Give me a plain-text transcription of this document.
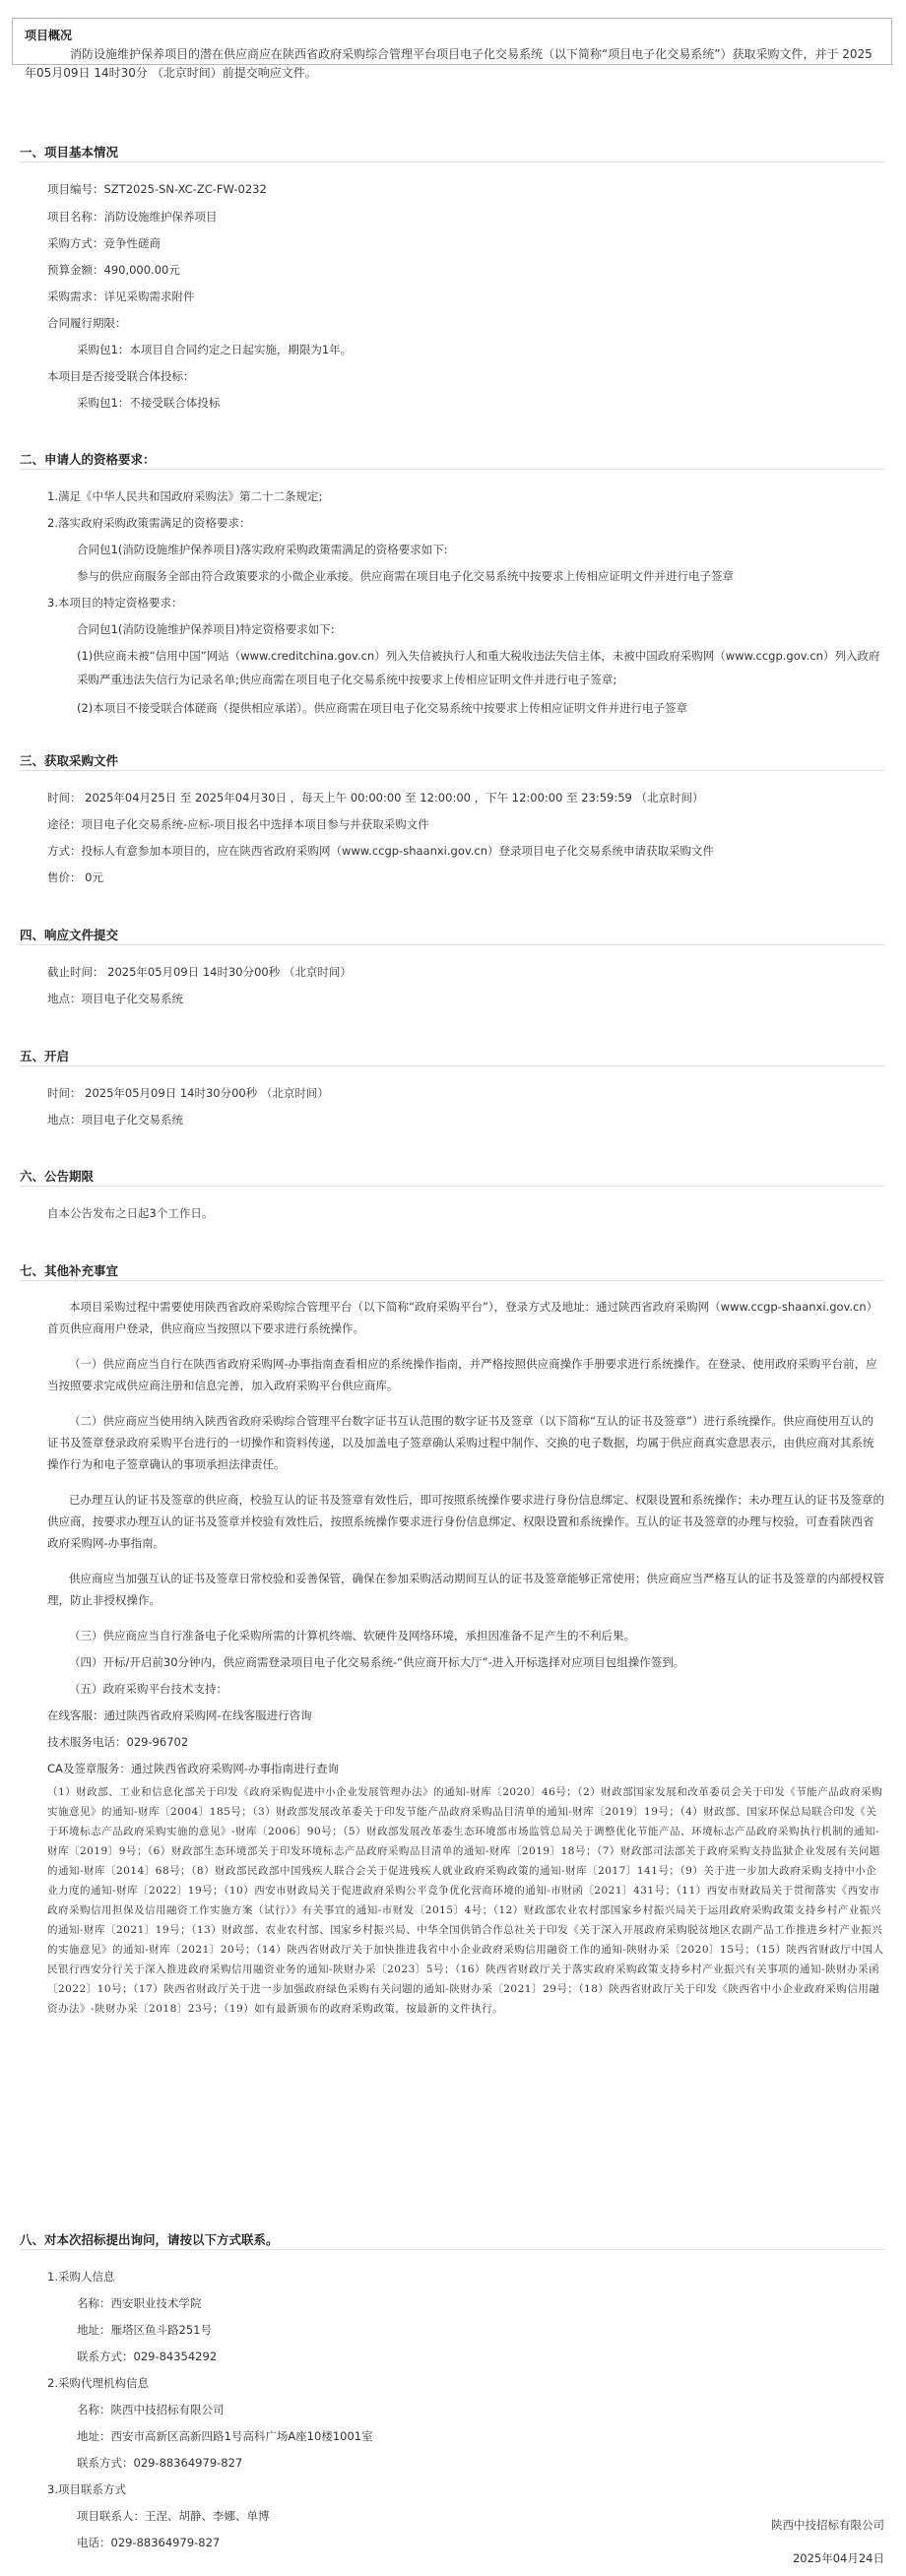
项目概况
消防设施维护保养项目的潜在供应商应在陕西省政府采购综合管理平台项目电子化交易系统（以下简称“项目电子化交易系统”）获取采购文件，并于 2025年05月09日 14时30分 （北京时间）前提交响应文件。
一、项目基本情况
项目编号：SZT2025-SN-XC-ZC-FW-0232
项目名称：消防设施维护保养项目
采购方式：竞争性磋商
预算金额：490,000.00元
采购需求：详见采购需求附件
合同履行期限：
采购包1：本项目自合同约定之日起实施，期限为1年。
本项目是否接受联合体投标：
采购包1：不接受联合体投标
二、申请人的资格要求：
1.满足《中华人民共和国政府采购法》第二十二条规定;
2.落实政府采购政策需满足的资格要求：
合同包1(消防设施维护保养项目)落实政府采购政策需满足的资格要求如下:
参与的供应商服务全部由符合政策要求的小微企业承接。供应商需在项目电子化交易系统中按要求上传相应证明文件并进行电子签章
3.本项目的特定资格要求：
合同包1(消防设施维护保养项目)特定资格要求如下:
(1)供应商未被“信用中国”网站（www.creditchina.gov.cn）列入失信被执行人和重大税收违法失信主体，未被中国政府采购网（www.ccgp.gov.cn）列入政府采购严重违法失信行为记录名单;供应商需在项目电子化交易系统中按要求上传相应证明文件并进行电子签章;
(2)本项目不接受联合体磋商（提供相应承诺）。供应商需在项目电子化交易系统中按要求上传相应证明文件并进行电子签章
三、获取采购文件
时间： 2025年04月25日 至 2025年04月30日 ，每天上午 00:00:00 至 12:00:00 ，下午 12:00:00 至 23:59:59 （北京时间）
途径：项目电子化交易系统-应标-项目报名中选择本项目参与并获取采购文件
方式：投标人有意参加本项目的，应在陕西省政府采购网（www.ccgp-shaanxi.gov.cn）登录项目电子化交易系统申请获取采购文件
售价： 0元
四、响应文件提交
截止时间： 2025年05月09日 14时30分00秒 （北京时间）
地点：项目电子化交易系统
五、开启
时间： 2025年05月09日 14时30分00秒 （北京时间）
地点：项目电子化交易系统
六、公告期限
自本公告发布之日起3个工作日。
七、其他补充事宜
本项目采购过程中需要使用陕西省政府采购综合管理平台（以下简称“政府采购平台”），登录方式及地址：通过陕西省政府采购网（www.ccgp-shaanxi.gov.cn）首页供应商用户登录，供应商应当按照以下要求进行系统操作。
（一）供应商应当自行在陕西省政府采购网-办事指南查看相应的系统操作指南，并严格按照供应商操作手册要求进行系统操作。在登录、使用政府采购平台前，应当按照要求完成供应商注册和信息完善，加入政府采购平台供应商库。
（二）供应商应当使用纳入陕西省政府采购综合管理平台数字证书互认范围的数字证书及签章（以下简称“互认的证书及签章”）进行系统操作。供应商使用互认的证书及签章登录政府采购平台进行的一切操作和资料传递，以及加盖电子签章确认采购过程中制作、交换的电子数据，均属于供应商真实意思表示，由供应商对其系统操作行为和电子签章确认的事项承担法律责任。
已办理互认的证书及签章的供应商，校验互认的证书及签章有效性后，即可按照系统操作要求进行身份信息绑定、权限设置和系统操作；未办理互认的证书及签章的供应商，按要求办理互认的证书及签章并校验有效性后，按照系统操作要求进行身份信息绑定、权限设置和系统操作。互认的证书及签章的办理与校验，可查看陕西省政府采购网-办事指南。
供应商应当加强互认的证书及签章日常校验和妥善保管，确保在参加采购活动期间互认的证书及签章能够正常使用；供应商应当严格互认的证书及签章的内部授权管理，防止非授权操作。
（三）供应商应当自行准备电子化采购所需的计算机终端、软硬件及网络环境，承担因准备不足产生的不利后果。
（四）开标/开启前30分钟内，供应商需登录项目电子化交易系统-“供应商开标大厅”-进入开标选择对应项目包组操作签到。
（五）政府采购平台技术支持：
在线客服：通过陕西省政府采购网-在线客服进行咨询
技术服务电话：029-96702
CA及签章服务：通过陕西省政府采购网-办事指南进行查询
（1）财政部、工业和信息化部关于印发《政府采购促进中小企业发展管理办法》的通知-财库〔2020〕46号；（2）财政部国家发展和改革委员会关于印发《节能产品政府采购实施意见》的通知-财库〔2004〕185号；（3）财政部发展改革委关于印发节能产品政府采购品目清单的通知-财库〔2019〕19号；（4）财政部、国家环保总局联合印发《关于环境标志产品政府采购实施的意见》-财库〔2006〕90号；（5）财政部发展改革委生态环境部市场监管总局关于调整优化节能产品、环境标志产品政府采购执行机制的通知-财库〔2019〕9号；（6）财政部生态环境部关于印发环境标志产品政府采购品目清单的通知-财库〔2019〕18号；（7）财政部司法部关于政府采购支持监狱企业发展有关问题的通知-财库〔2014〕68号；（8）财政部民政部中国残疾人联合会关于促进残疾人就业政府采购政策的通知-财库〔2017〕141号；（9）关于进一步加大政府采购支持中小企业力度的通知-财库〔2022〕19号；（10）西安市财政局关于促进政府采购公平竞争优化营商环境的通知-市财函〔2021〕431号；（11）西安市财政局关于贯彻落实《西安市政府采购信用担保及信用融资工作实施方案（试行）》有关事宜的通知-市财发〔2015〕4号；（12）财政部农业农村部国家乡村振兴局关于运用政府采购政策支持乡村产业振兴的通知-财库〔2021〕19号；（13）财政部、农业农村部、国家乡村振兴局、中华全国供销合作总社关于印发《关于深入开展政府采购脱贫地区农副产品工作推进乡村产业振兴的实施意见》的通知-财库〔2021〕20号；（14）陕西省财政厅关于加快推进我省中小企业政府采购信用融资工作的通知-陕财办采〔2020〕15号；（15）陕西省财政厅中国人民银行西安分行关于深入推进政府采购信用融资业务的通知-陕财办采〔2023〕5号；（16）陕西省财政厅关于落实政府采购政策支持乡村产业振兴有关事项的通知-陕财办采函〔2022〕10号；（17）陕西省财政厅关于进一步加强政府绿色采购有关问题的通知-陕财办采〔2021〕29号；（18）陕西省财政厅关于印发《陕西省中小企业政府采购信用融资办法》-陕财办采〔2018〕23号；（19）如有最新颁布的政府采购政策，按最新的文件执行。
八、对本次招标提出询问，请按以下方式联系。
1.采购人信息
名称：西安职业技术学院
地址：雁塔区鱼斗路251号
联系方式：029-84354292
2.采购代理机构信息
名称：陕西中技招标有限公司
地址：西安市高新区高新四路1号高科广场A座10楼1001室
联系方式：029-88364979-827
3.项目联系方式
项目联系人：王涅、胡静、李娜、单博
电话：029-88364979-827
陕西中技招标有限公司
2025年04月24日
